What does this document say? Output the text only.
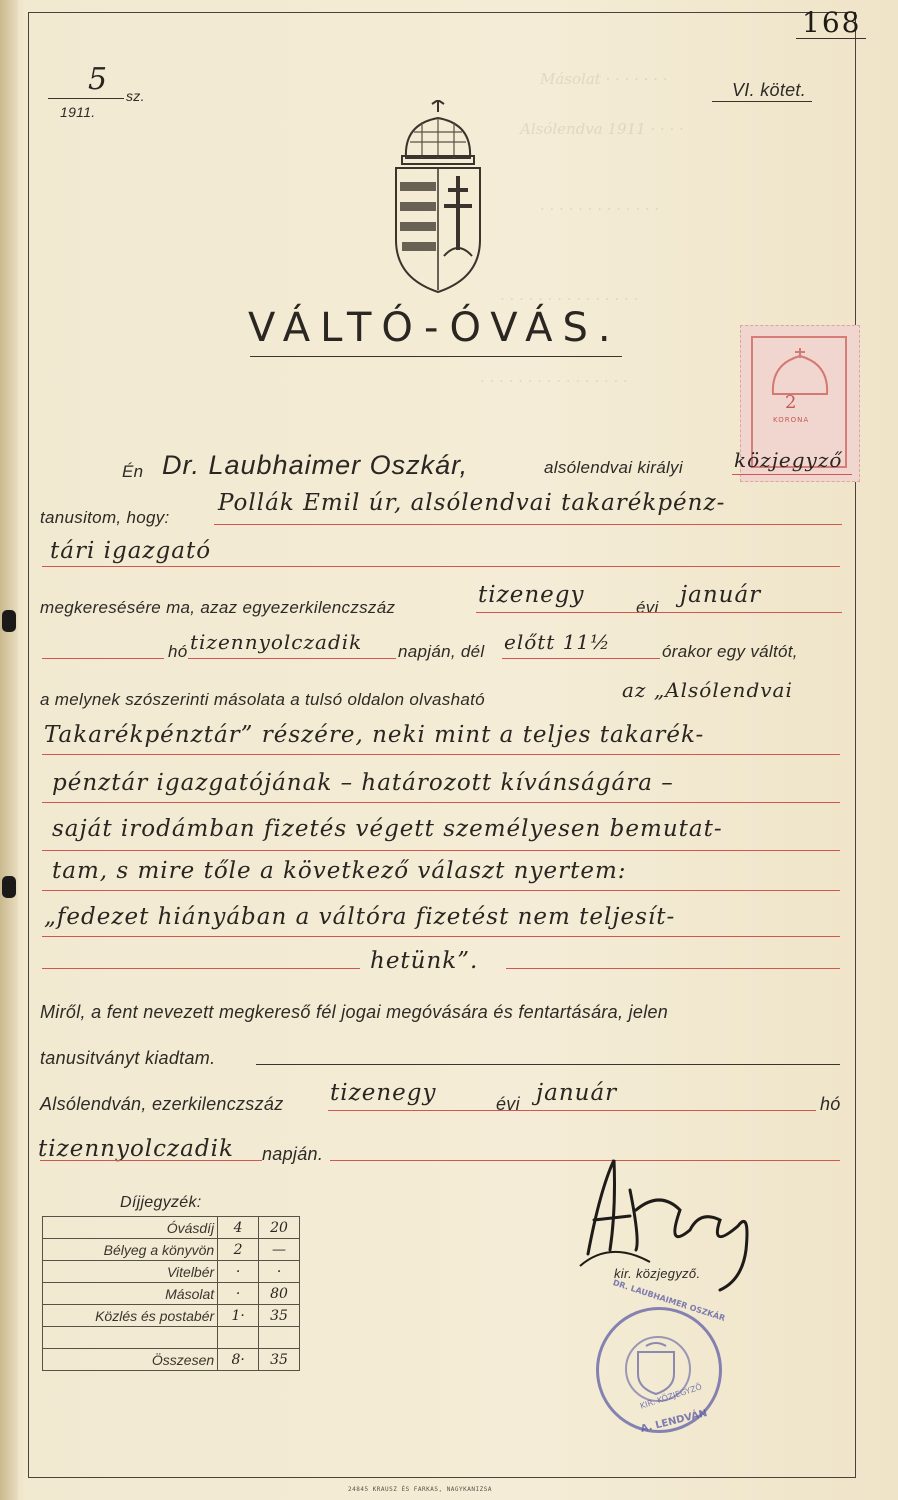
Másolat · · · · · · ·
Alsólendva 1911 · · · ·
· · · · · · · · · · · · ·
· · · · · · · · · · · · · · ·
· · · · · · · · · · · · · · · ·
168
5 sz.
1911.
VI. kötet.
VÁLTÓ-ÓVÁS.
2
KORONA
Én Dr. Laubhaimer Oszkár,	alsólendvai királyi	közjegyző
tanusitom, hogy:
Pollák Emil úr, alsólendvai takarékpénz-
tári igazgató
megkeresésére ma, azaz egyezerkilenczszáz	tizenegy	évi január
hó tizennyolczadik napján, dél előtt 11½	órakor egy váltót,
a melynek szószerinti másolata a tulsó oldalon olvasható	az „Alsólendvai
Takarékpénztár” részére, neki mint a teljes takarék-
pénztár igazgatójának – határozott kívánságára –
saját irodámban fizetés végett személyesen bemutat-
tam, s mire tőle a következő választ nyertem:
„fedezet hiányában a váltóra fizetést nem teljesít-
hetünk”.
Miről, a fent nevezett megkereső fél jogai megóvására és fentartására, jelen
tanusitványt kiadtam.
Alsólendván, ezerkilenczszáz tizenegy	évi január	hó
tizennyolczadik napján.
Díjjegyzék:
Óvásdíj	4	20
Bélyeg a könyvön	2	—
Vitelbér	·	·
Másolat	·	80
Közlés és postabér	1·	35

Összesen	8·	35
kir. közjegyző.
DR. LAUBHAIMER OSZKÁR
KIR. KÖZJEGYZŐ
A. LENDVÁN
24845 KRAUSZ ÉS FARKAS, NAGYKANIZSA
